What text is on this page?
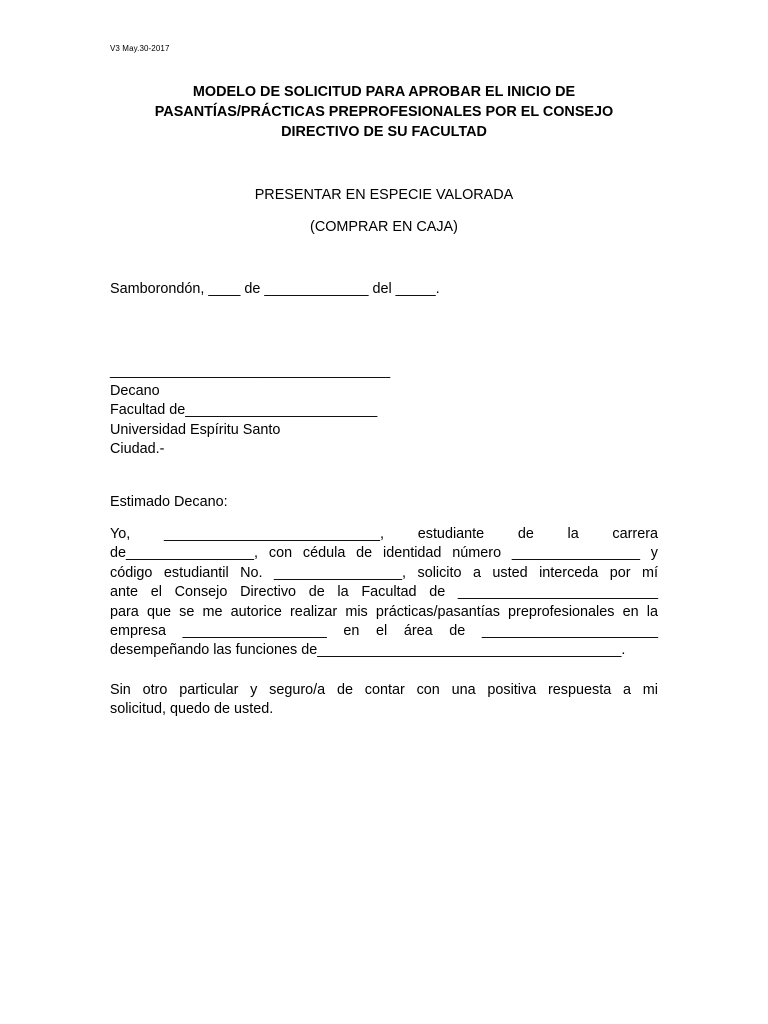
V3 May.30-2017
MODELO DE SOLICITUD PARA APROBAR EL INICIO DE
PASANTÍAS/PRÁCTICAS PREPROFESIONALES POR EL CONSEJO
DIRECTIVO DE SU FACULTAD
PRESENTAR EN ESPECIE VALORADA
(COMPRAR EN CAJA)
Samborondón, ____ de _____________ del _____.
___________________________________
Decano
Facultad de________________________
Universidad Espíritu Santo
Ciudad.-
Estimado Decano:
Yo, ___________________________, estudiante de la carrera
de________________, con cédula de identidad número ________________ y
código estudiantil No. ________________, solicito a usted interceda por mí
ante el Consejo Directivo de la Facultad de _________________________
para que se me autorice realizar mis prácticas/pasantías preprofesionales en la
empresa __________________ en el área de ______________________
desempeñando las funciones de______________________________________.
Sin otro particular y seguro/a de contar con una positiva respuesta a mi
solicitud, quedo de usted.
